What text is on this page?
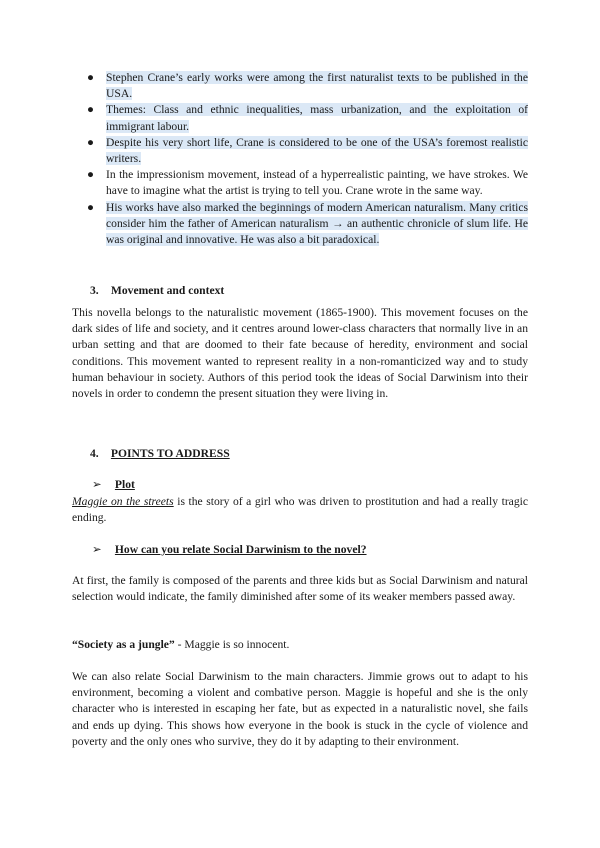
● Stephen Crane’s early works were among the first naturalist texts to be published in the USA.
● Themes: Class and ethnic inequalities, mass urbanization, and the exploitation of immigrant labour.
● Despite his very short life, Crane is considered to be one of the USA’s foremost realistic writers.
● In the impressionism movement, instead of a hyperrealistic painting, we have strokes. We have to imagine what the artist is trying to tell you. Crane wrote in the same way.
● His works have also marked the beginnings of modern American naturalism. Many critics consider him the father of American naturalism → an authentic chronicle of slum life. He was original and innovative. He was also a bit paradoxical.
3. Movement and context

This novella belongs to the naturalistic movement (1865-1900). This movement focuses on the dark sides of life and society, and it centres around lower-class characters that normally live in an urban setting and that are doomed to their fate because of heredity, environment and social conditions. This movement wanted to represent reality in a non-romanticized way and to study human behaviour in society. Authors of this period took the ideas of Social Darwinism into their novels in order to condemn the present situation they were living in.

4. POINTS TO ADDRESS
➢ Plot

Maggie on the streets is the story of a girl who was driven to prostitution and had a really tragic ending.

➢ How can you relate Social Darwinism to the novel?

At first, the family is composed of the parents and three kids but as Social Darwinism and natural selection would indicate, the family diminished after some of its weaker members passed away.

“Society as a jungle” - Maggie is so innocent.

We can also relate Social Darwinism to the main characters. Jimmie grows out to adapt to his environment, becoming a violent and combative person. Maggie is hopeful and she is the only character who is interested in escaping her fate, but as expected in a naturalistic novel, she fails and ends up dying. This shows how everyone in the book is stuck in the cycle of violence and poverty and the only ones who survive, they do it by adapting to their environment.
